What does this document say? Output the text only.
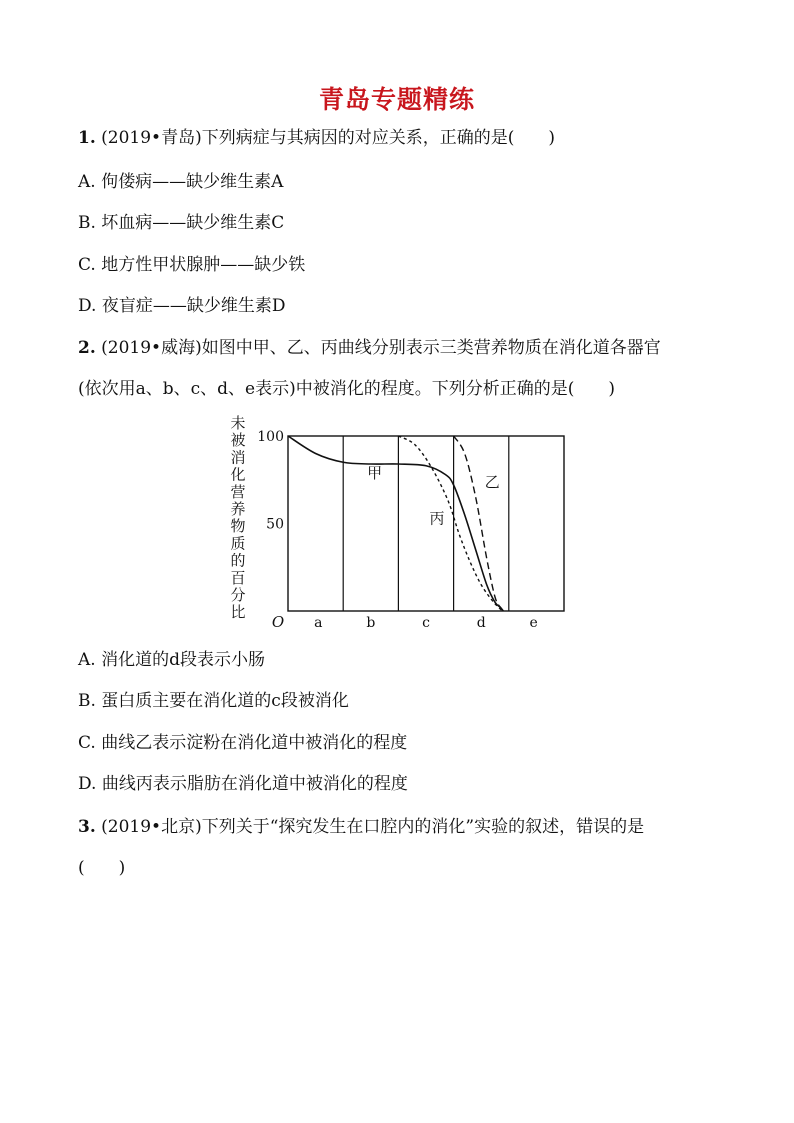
青岛专题精练
1. (2019•青岛)下列病症与其病因的对应关系，正确的是(　　)
A. 佝偻病——缺少维生素A
B. 坏血病——缺少维生素C
C. 地方性甲状腺肿——缺少铁
D. 夜盲症——缺少维生素D
2. (2019•威海)如图中甲、乙、丙曲线分别表示三类营养物质在消化道各器官
(依次用a、b、c、d、e表示)中被消化的程度。下列分析正确的是(　　)
未
被
消
化
营
养
物
质
的
百
分
比
100
50
O
甲	乙
丙
a	b	c	d	e
A. 消化道的d段表示小肠
B. 蛋白质主要在消化道的c段被消化
C. 曲线乙表示淀粉在消化道中被消化的程度
D. 曲线丙表示脂肪在消化道中被消化的程度
3. (2019•北京)下列关于“探究发生在口腔内的消化”实验的叙述，错误的是
(　　)
